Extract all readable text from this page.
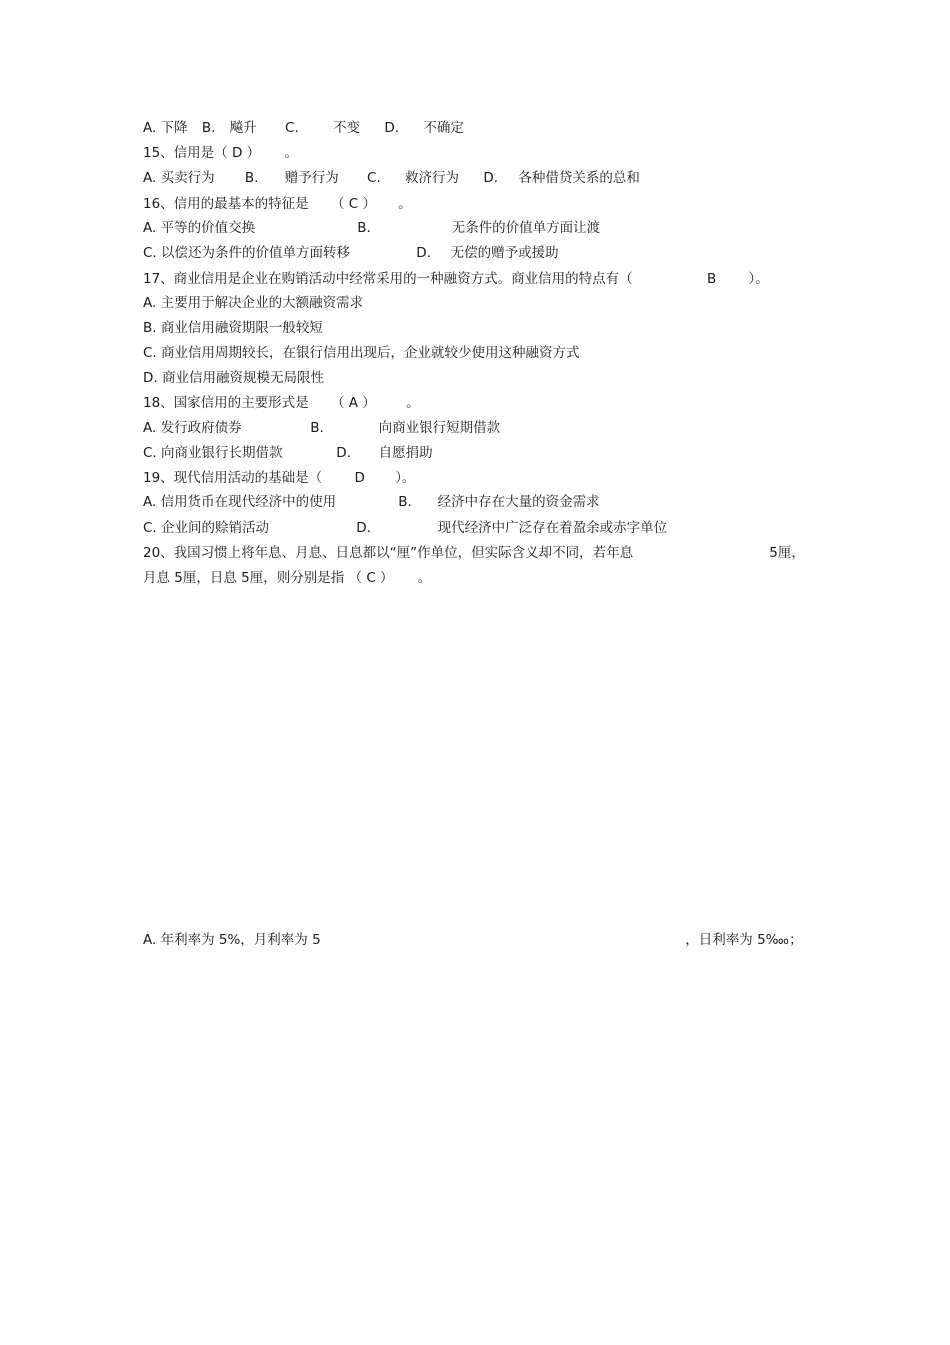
A. 下降 B. 飚升 C.	不变 D. 不确定
15、信用是（ D ） 。
A. 买卖行为 B. 赠予行为 C. 救济行为 D. 各种借贷关系的总和
16、信用的最基本的特征是 （ C ） 。
A. 平等的价值交换	B.	无条件的价值单方面让渡
C. 以偿还为条件的价值单方面转移	D. 无偿的赠予或援助
17、商业信用是企业在购销活动中经常采用的一种融资方式。商业信用的特点有（	B ）。
A. 主要用于解决企业的大额融资需求
B. 商业信用融资期限一般较短
C. 商业信用周期较长，在银行信用出现后，企业就较少使用这种融资方式
D. 商业信用融资规模无局限性
18、国家信用的主要形式是 （ A ） 。
A. 发行政府债券	B.	向商业银行短期借款
C. 向商业银行长期借款	D. 自愿捐助
19、现代信用活动的基础是（ D ）。
A. 信用货币在现代经济中的使用	B. 经济中存在大量的资金需求
C. 企业间的赊销活动	D.	现代经济中广泛存在着盈余或赤字单位
20、我国习惯上将年息、月息、日息都以“厘”作单位，但实际含义却不同，若年息	5厘，
月息 5厘，日息 5厘，则分别是指 （ C ） 。
A. 年利率为 5%，月利率为 5	，日利率为 5‱；
